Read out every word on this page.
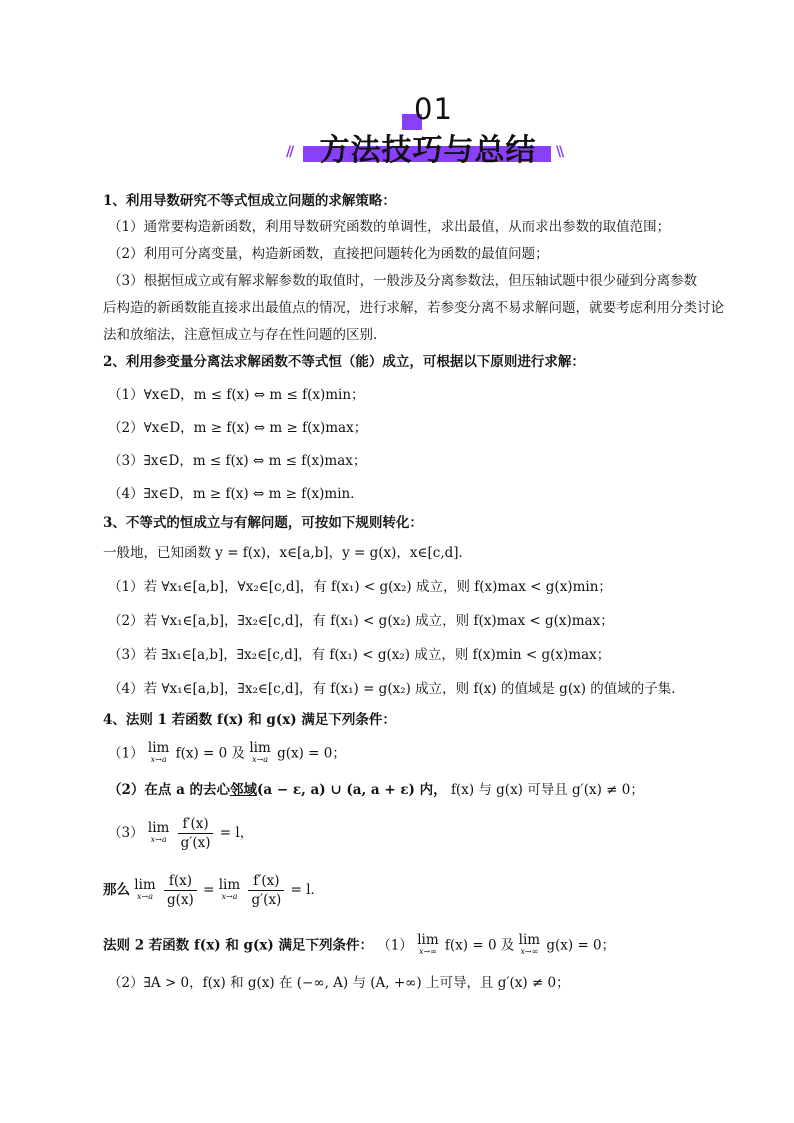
01
方法技巧与总结
//	\\
1、利用导数研究不等式恒成立问题的求解策略：
（1）通常要构造新函数，利用导数研究函数的单调性，求出最值，从而求出参数的取值范围；
（2）利用可分离变量，构造新函数，直接把问题转化为函数的最值问题；
（3）根据恒成立或有解求解参数的取值时，一般涉及分离参数法，但压轴试题中很少碰到分离参数
后构造的新函数能直接求出最值点的情况，进行求解，若参变分离不易求解问题，就要考虑利用分类讨论
法和放缩法，注意恒成立与存在性问题的区别．
2、利用参变量分离法求解函数不等式恒（能）成立，可根据以下原则进行求解：
（1）∀x∈D，m ≤ f(x) ⇔ m ≤ f(x)min；
（2）∀x∈D，m ≥ f(x) ⇔ m ≥ f(x)max；
（3）∃x∈D，m ≤ f(x) ⇔ m ≤ f(x)max；
（4）∃x∈D，m ≥ f(x) ⇔ m ≥ f(x)min．
3、不等式的恒成立与有解问题，可按如下规则转化：
一般地，已知函数 y = f(x)，x∈[a,b]，y = g(x)，x∈[c,d]．
（1）若 ∀x₁∈[a,b]，∀x₂∈[c,d]，有 f(x₁) < g(x₂) 成立，则 f(x)max < g(x)min；
（2）若 ∀x₁∈[a,b]，∃x₂∈[c,d]，有 f(x₁) < g(x₂) 成立，则 f(x)max < g(x)max；
（3）若 ∃x₁∈[a,b]，∃x₂∈[c,d]，有 f(x₁) < g(x₂) 成立，则 f(x)min < g(x)max；
（4）若 ∀x₁∈[a,b]，∃x₂∈[c,d]，有 f(x₁) = g(x₂) 成立，则 f(x) 的值域是 g(x) 的值域的子集．
4、法则 1 若函数 f(x) 和 g(x) 满足下列条件：
（1） lim
x→a f(x) = 0 及 lim
x→a g(x) = 0；
（2）在点 a 的去心邻域(a − ε, a) ∪ (a, a + ε) 内， f(x) 与 g(x) 可导且 g′(x) ≠ 0；
（3） lim
x→a
$\frac{f'(x)}{g'(x)} = l$，
那么 lim
x→a
$\frac{f(x)}{g(x)} = \lim$
x→a
$\frac{f'(x)}{g'(x)} = l$．
法则 2 若函数 f(x) 和 g(x) 满足下列条件： （1） lim
x→∞ f(x) = 0 及 lim
x→∞ g(x) = 0；
（2）∃A > 0，f(x) 和 g(x) 在 (−∞, A) 与 (A, +∞) 上可导，且 g′(x) ≠ 0；
